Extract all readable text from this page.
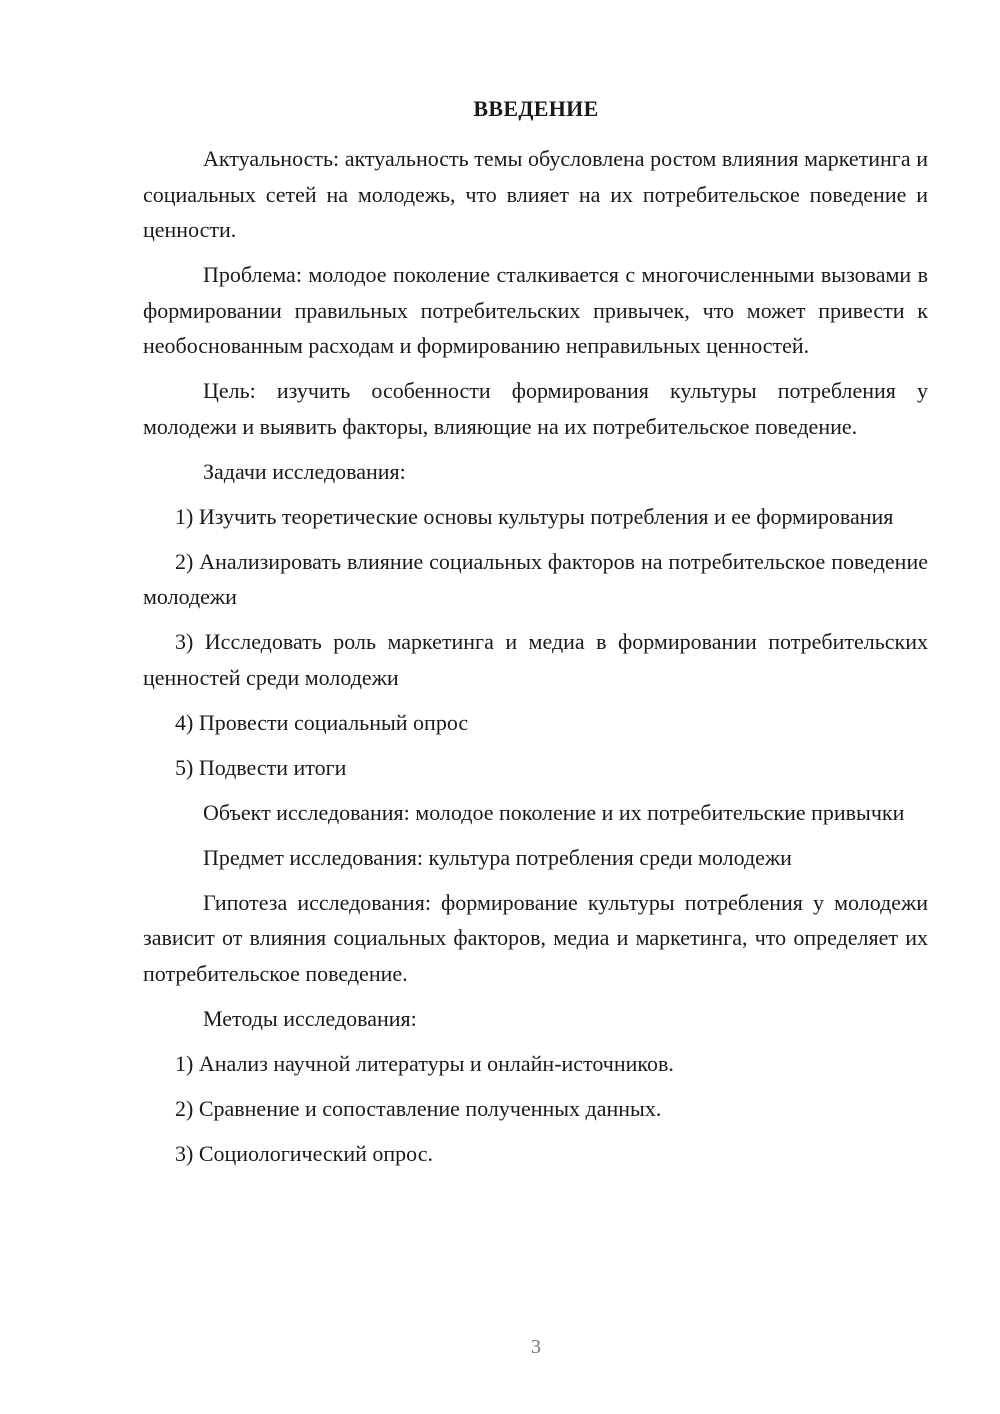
ВВЕДЕНИЕ

Актуальность: актуальность темы обусловлена ростом влияния маркетинга и социальных сетей на молодежь, что влияет на их потребительское поведение и ценности.

Проблема: молодое поколение сталкивается с многочисленными вызовами в формировании правильных потребительских привычек, что может привести к необоснованным расходам и формированию неправильных ценностей.

Цель: изучить особенности формирования культуры потребления у молодежи и выявить факторы, влияющие на их потребительское поведение.

Задачи исследования:

1) Изучить теоретические основы культуры потребления и ее формирования

2) Анализировать влияние социальных факторов на потребительское поведение молодежи

3) Исследовать роль маркетинга и медиа в формировании потребительских ценностей среди молодежи

4) Провести социальный опрос

5) Подвести итоги

Объект исследования: молодое поколение и их потребительские привычки

Предмет исследования: культура потребления среди молодежи

Гипотеза исследования: формирование культуры потребления у молодежи зависит от влияния социальных факторов, медиа и маркетинга, что определяет их потребительское поведение.

Методы исследования:

1) Анализ научной литературы и онлайн-источников.

2) Сравнение и сопоставление полученных данных.

3) Социологический опрос.

3
